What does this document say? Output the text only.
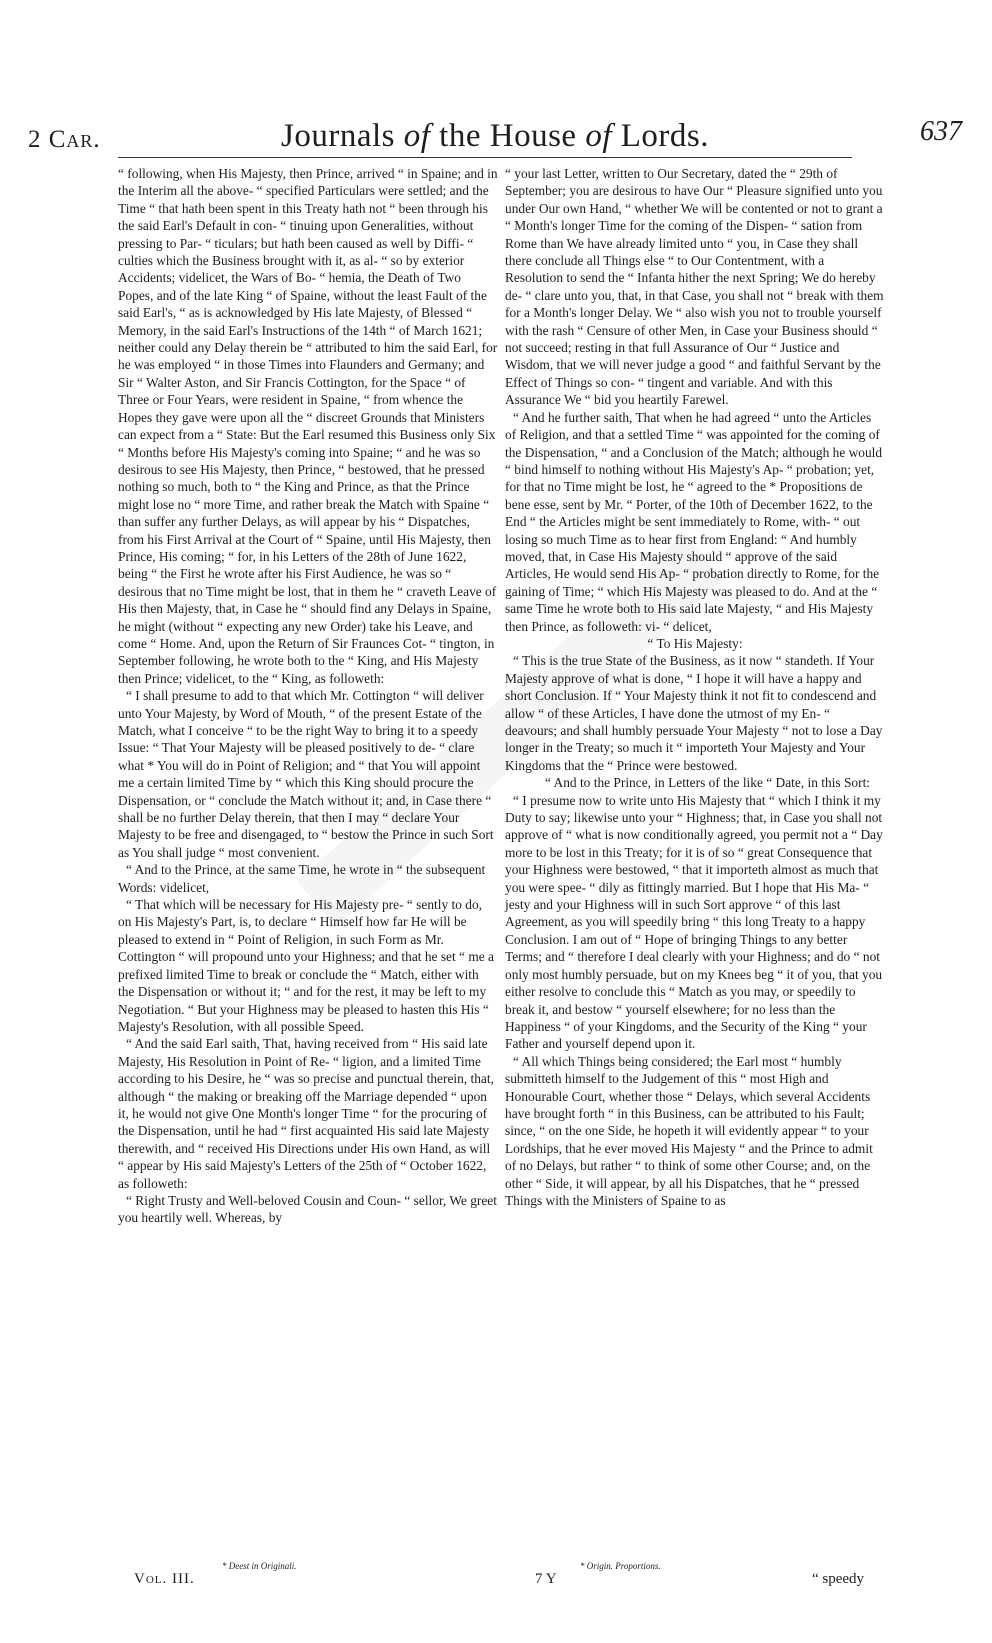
2 Car.	Journals of the House of Lords.	637

“ following, when His Majesty, then Prince, arrived “ in Spaine; and in the Interim all the above- “ specified Particulars were settled; and the Time “ that hath been spent in this Treaty hath not “ been through his the said Earl's Default in con- “ tinuing upon Generalities, without pressing to Par- “ ticulars; but hath been caused as well by Diffi- “ culties which the Business brought with it, as al- “ so by exterior Accidents; videlicet, the Wars of Bo- “ hemia, the Death of Two Popes, and of the late King “ of Spaine, without the least Fault of the said Earl's, “ as is acknowledged by His late Majesty, of Blessed “ Memory, in the said Earl's Instructions of the 14th “ of March 1621; neither could any Delay therein be “ attributed to him the said Earl, for he was employed “ in those Times into Flaunders and Germany; and Sir “ Walter Aston, and Sir Francis Cottington, for the Space “ of Three or Four Years, were resident in Spaine, “ from whence the Hopes they gave were upon all the “ discreet Grounds that Ministers can expect from a “ State: But the Earl resumed this Business only Six “ Months before His Majesty's coming into Spaine; “ and he was so desirous to see His Majesty, then Prince, “ bestowed, that he pressed nothing so much, both to “ the King and Prince, as that the Prince might lose no “ more Time, and rather break the Match with Spaine “ than suffer any further Delays, as will appear by his “ Dispatches, from his First Arrival at the Court of “ Spaine, until His Majesty, then Prince, His coming; “ for, in his Letters of the 28th of June 1622, being “ the First he wrote after his First Audience, he was so “ desirous that no Time might be lost, that in them he “ craveth Leave of His then Majesty, that, in Case he “ should find any Delays in Spaine, he might (without “ expecting any new Order) take his Leave, and come “ Home. And, upon the Return of Sir Fraunces Cot- “ tington, in September following, he wrote both to the “ King, and His Majesty then Prince; videlicet, to the “ King, as followeth:

“ I shall presume to add to that which Mr. Cottington “ will deliver unto Your Majesty, by Word of Mouth, “ of the present Estate of the Match, what I conceive “ to be the right Way to bring it to a speedy Issue: “ That Your Majesty will be pleased positively to de- “ clare what * You will do in Point of Religion; and “ that You will appoint me a certain limited Time by “ which this King should procure the Dispensation, or “ conclude the Match without it; and, in Case there “ shall be no further Delay therein, that then I may “ declare Your Majesty to be free and disengaged, to “ bestow the Prince in such Sort as You shall judge “ most convenient.

“ And to the Prince, at the same Time, he wrote in “ the subsequent Words: videlicet,

“ That which will be necessary for His Majesty pre- “ sently to do, on His Majesty's Part, is, to declare “ Himself how far He will be pleased to extend in “ Point of Religion, in such Form as Mr. Cottington “ will propound unto your Highness; and that he set “ me a prefixed limited Time to break or conclude the “ Match, either with the Dispensation or without it; “ and for the rest, it may be left to my Negotiation. “ But your Highness may be pleased to hasten this His “ Majesty's Resolution, with all possible Speed.

“ And the said Earl saith, That, having received from “ His said late Majesty, His Resolution in Point of Re- “ ligion, and a limited Time according to his Desire, he “ was so precise and punctual therein, that, although “ the making or breaking off the Marriage depended “ upon it, he would not give One Month's longer Time “ for the procuring of the Dispensation, until he had “ first acquainted His said late Majesty therewith, and “ received His Directions under His own Hand, as will “ appear by His said Majesty's Letters of the 25th of “ October 1622, as followeth:

“ Right Trusty and Well-beloved Cousin and Coun- “ sellor, We greet you heartily well. Whereas, by

“ your last Letter, written to Our Secretary, dated the “ 29th of September; you are desirous to have Our “ Pleasure signified unto you under Our own Hand, “ whether We will be contented or not to grant a “ Month's longer Time for the coming of the Dispen- “ sation from Rome than We have already limited unto “ you, in Case they shall there conclude all Things else “ to Our Contentment, with a Resolution to send the “ Infanta hither the next Spring; We do hereby de- “ clare unto you, that, in that Case, you shall not “ break with them for a Month's longer Delay. We “ also wish you not to trouble yourself with the rash “ Censure of other Men, in Case your Business should “ not succeed; resting in that full Assurance of Our “ Justice and Wisdom, that we will never judge a good “ and faithful Servant by the Effect of Things so con- “ tingent and variable. And with this Assurance We “ bid you heartily Farewel.

“ And he further saith, That when he had agreed “ unto the Articles of Religion, and that a settled Time “ was appointed for the coming of the Dispensation, “ and a Conclusion of the Match; although he would “ bind himself to nothing without His Majesty's Ap- “ probation; yet, for that no Time might be lost, he “ agreed to the * Propositions de bene esse, sent by Mr. “ Porter, of the 10th of December 1622, to the End “ the Articles might be sent immediately to Rome, with- “ out losing so much Time as to hear first from England: “ And humbly moved, that, in Case His Majesty should “ approve of the said Articles, He would send His Ap- “ probation directly to Rome, for the gaining of Time; “ which His Majesty was pleased to do. And at the “ same Time he wrote both to His said late Majesty, “ and His Majesty then Prince, as followeth: vi- “ delicet,

“ To His Majesty:

“ This is the true State of the Business, as it now “ standeth. If Your Majesty approve of what is done, “ I hope it will have a happy and short Conclusion. If “ Your Majesty think it not fit to condescend and allow “ of these Articles, I have done the utmost of my En- “ deavours; and shall humbly persuade Your Majesty “ not to lose a Day longer in the Treaty; so much it “ importeth Your Majesty and Your Kingdoms that the “ Prince were bestowed.

“ And to the Prince, in Letters of the like “ Date, in this Sort:

“ I presume now to write unto His Majesty that “ which I think it my Duty to say; likewise unto your “ Highness; that, in Case you shall not approve of “ what is now conditionally agreed, you permit not a “ Day more to be lost in this Treaty; for it is of so “ great Consequence that your Highness were bestowed, “ that it importeth almost as much that you were spee- “ dily as fittingly married. But I hope that His Ma- “ jesty and your Highness will in such Sort approve “ of this last Agreement, as you will speedily bring “ this long Treaty to a happy Conclusion. I am out of “ Hope of bringing Things to any better Terms; and “ therefore I deal clearly with your Highness; and do “ not only most humbly persuade, but on my Knees beg “ it of you, that you either resolve to conclude this “ Match as you may, or speedily to break it, and bestow “ yourself elsewhere; for no less than the Happiness “ of your Kingdoms, and the Security of the King “ your Father and yourself depend upon it.

“ All which Things being considered; the Earl most “ humbly submitteth himself to the Judgement of this “ most High and Honourable Court, whether those “ Delays, which several Accidents have brought forth “ in this Business, can be attributed to his Fault; since, “ on the one Side, he hopeth it will evidently appear “ to your Lordships, that he ever moved His Majesty “ and the Prince to admit of no Delays, but rather “ to think of some other Course; and, on the other “ Side, it will appear, by all his Dispatches, that he “ pressed Things with the Ministers of Spaine to as

* Deest in Originali.	* Origin. Proportions.
Vol. III.	7 Y	“ speedy
